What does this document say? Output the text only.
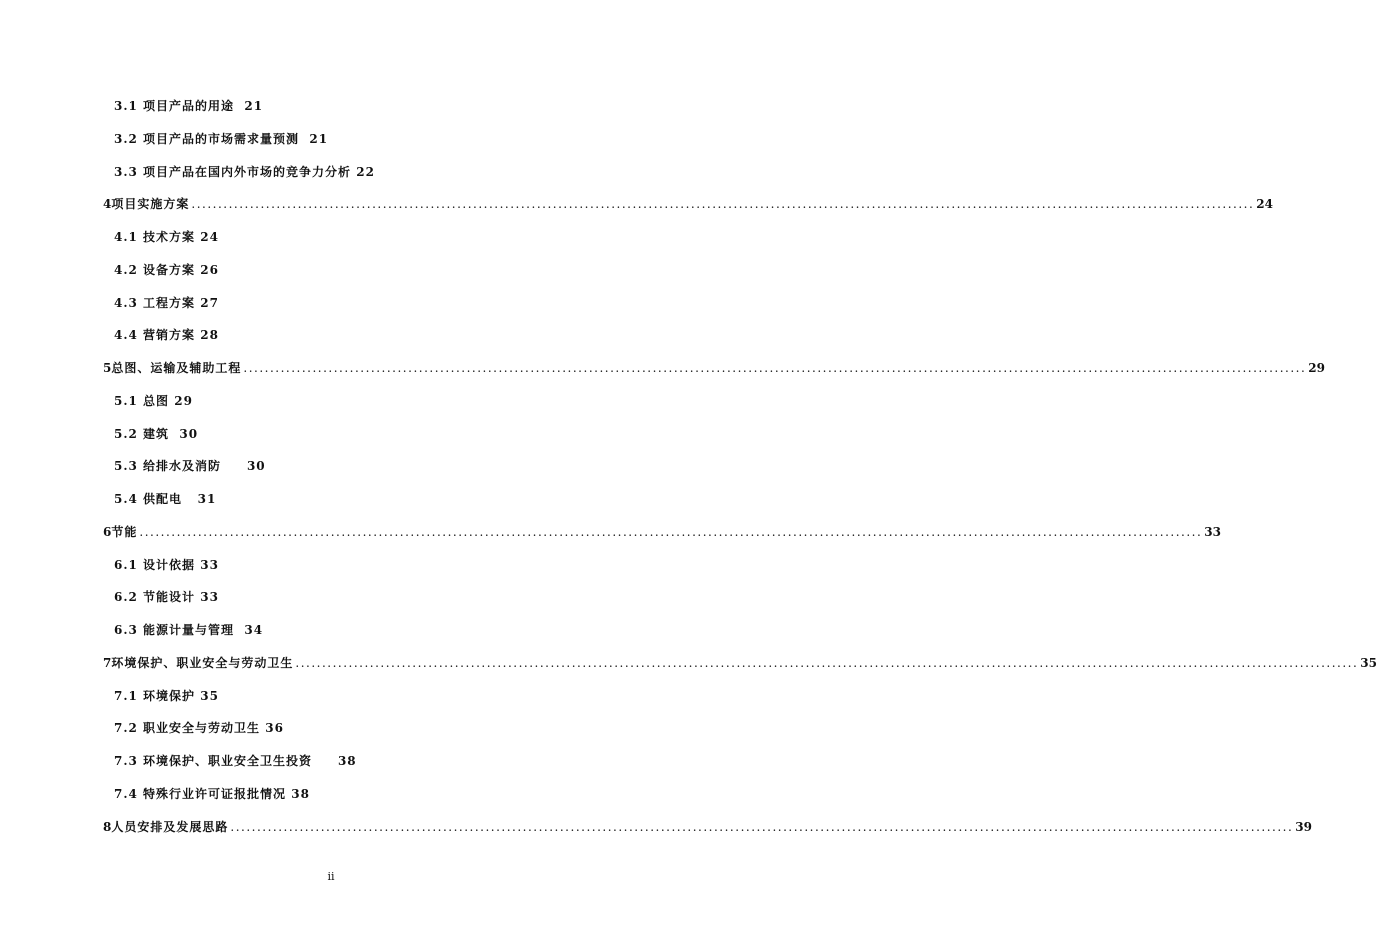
3.1 项目产品的用途  21
3.2 项目产品的市场需求量预测  21
3.3 项目产品在国内外市场的竞争力分析 22
4 项目实施方案 ........................................................................................................................................................................................................ 24
4.1 技术方案 24
4.2 设备方案 26
4.3 工程方案 27
4.4 营销方案 28
5 总图、运输及辅助工程 ........................................................................................................................................................................................................ 29
5.1 总图 29
5.2 建筑  30
5.3 给排水及消防     30
5.4 供配电   31
6 节能 ........................................................................................................................................................................................................ 33
6.1 设计依据 33
6.2 节能设计 33
6.3 能源计量与管理  34
7 环境保护、职业安全与劳动卫生 ........................................................................................................................................................................................................ 35
7.1 环境保护 35
7.2 职业安全与劳动卫生 36
7.3 环境保护、职业安全卫生投资     38
7.4 特殊行业许可证报批情况 38
8 人员安排及发展思路 ........................................................................................................................................................................................................ 39
ii
